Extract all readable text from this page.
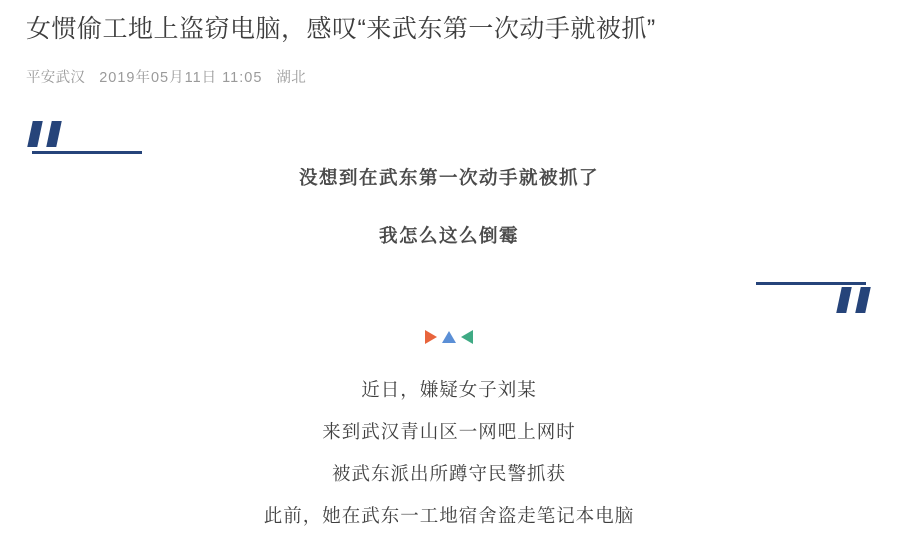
女惯偷工地上盗窃电脑，感叹“来武东第一次动手就被抓”
平安武汉 2019年05月11日 11:05 湖北
没想到在武东第一次动手就被抓了
我怎么这么倒霉
近日，嫌疑女子刘某
来到武汉青山区一网吧上网时
被武东派出所蹲守民警抓获
此前，她在武东一工地宿舍盗走笔记本电脑
